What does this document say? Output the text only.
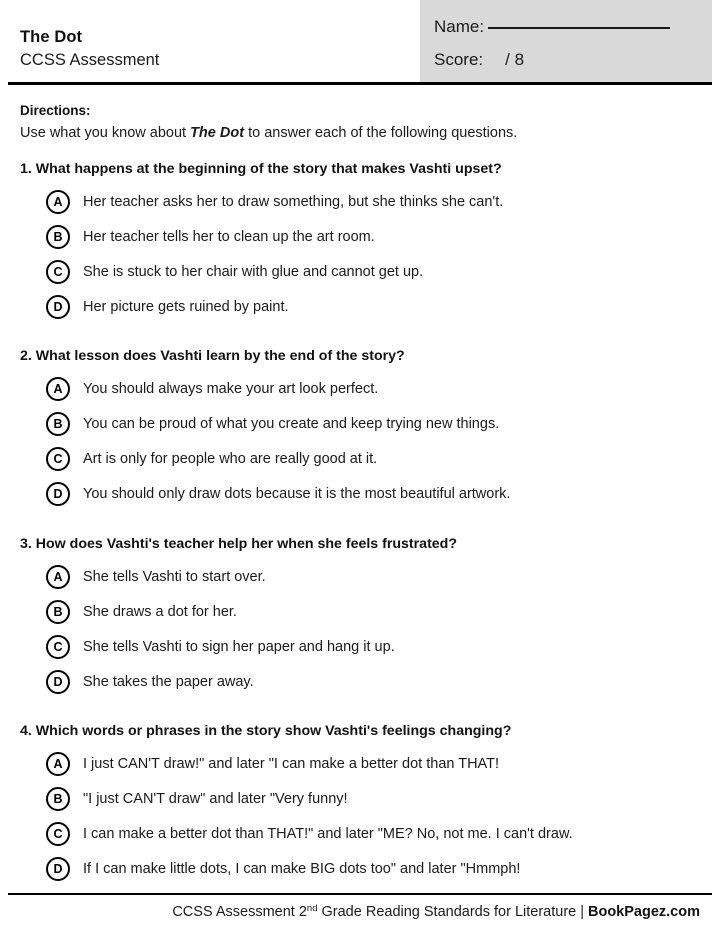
The Dot
CCSS Assessment
Name:
Score: / 8
Directions:
Use what you know about The Dot to answer each of the following questions.
1. What happens at the beginning of the story that makes Vashti upset?
A	Her teacher asks her to draw something, but she thinks she can't.
B	Her teacher tells her to clean up the art room.
C	She is stuck to her chair with glue and cannot get up.
D	Her picture gets ruined by paint.
2. What lesson does Vashti learn by the end of the story?
A	You should always make your art look perfect.
B	You can be proud of what you create and keep trying new things.
C	Art is only for people who are really good at it.
D	You should only draw dots because it is the most beautiful artwork.
3. How does Vashti's teacher help her when she feels frustrated?
A	She tells Vashti to start over.
B	She draws a dot for her.
C	She tells Vashti to sign her paper and hang it up.
D	She takes the paper away.
4. Which words or phrases in the story show Vashti's feelings changing?
A	I just CAN'T draw!" and later "I can make a better dot than THAT!
B	"I just CAN'T draw" and later "Very funny!
C	I can make a better dot than THAT!" and later "ME? No, not me. I can't draw.
D	If I can make little dots, I can make BIG dots too" and later "Hmmph!
CCSS Assessment 2nd Grade Reading Standards for Literature | BookPagez.com
